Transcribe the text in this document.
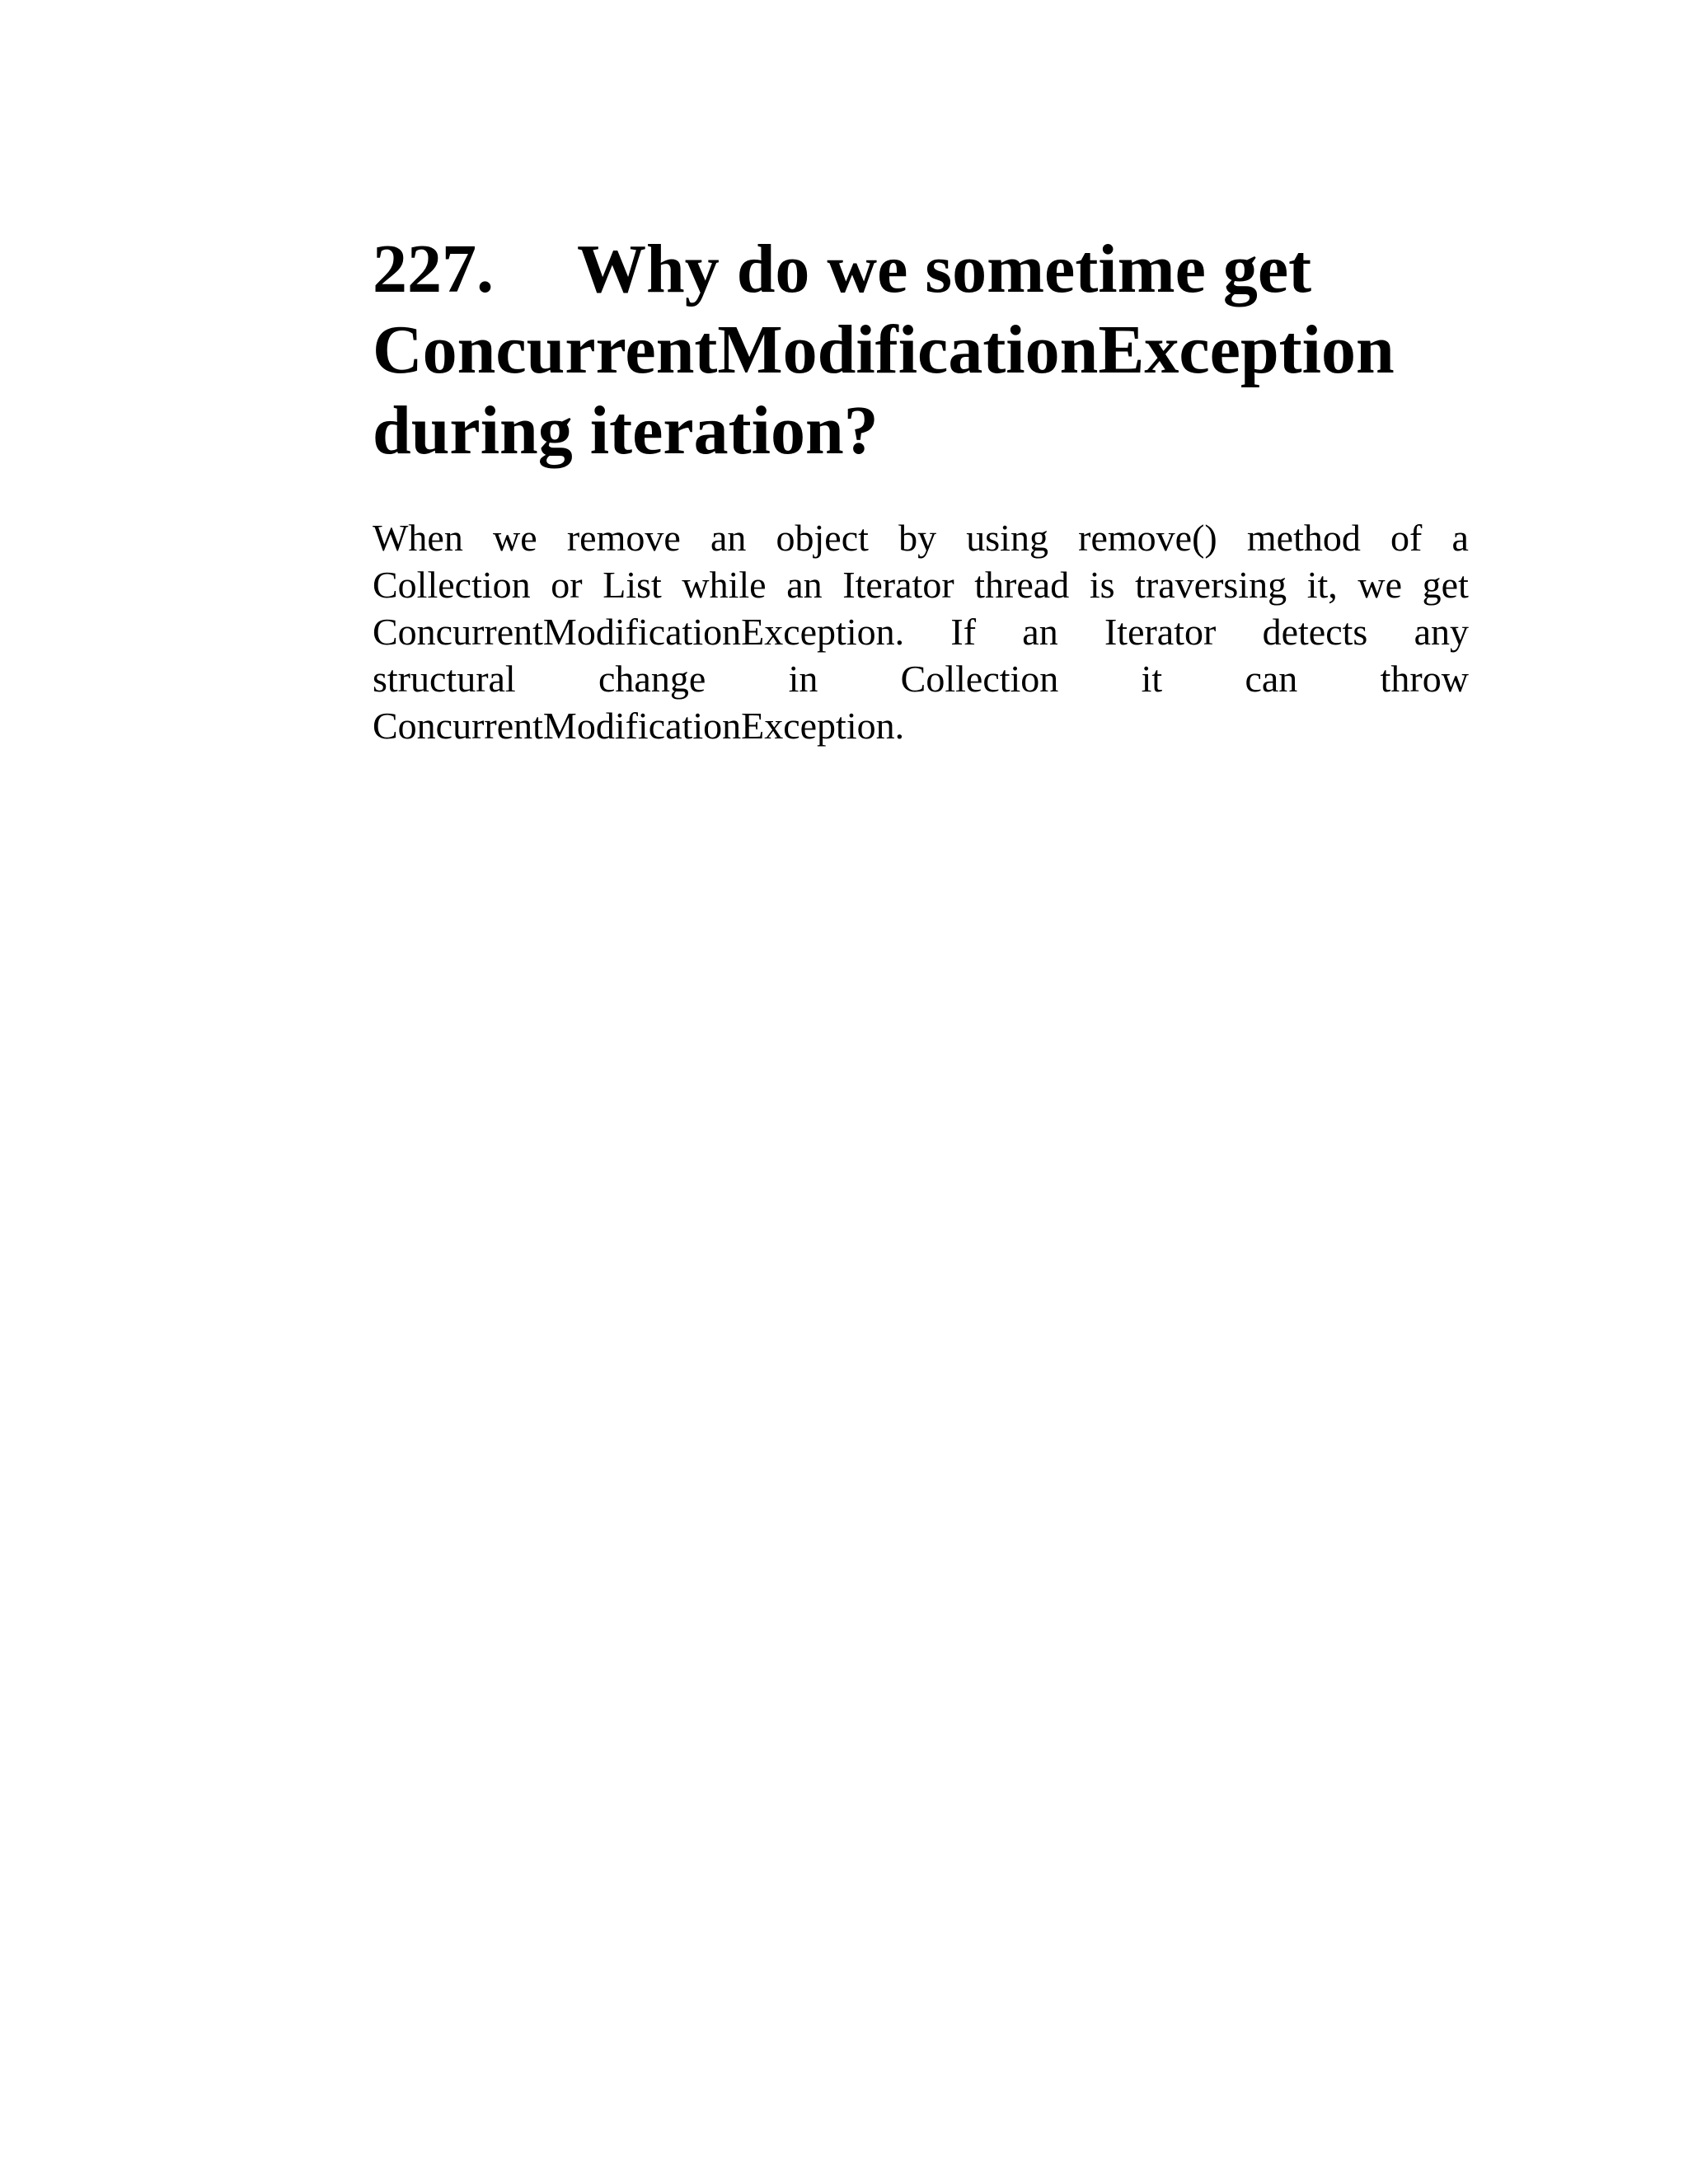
227. Why do we sometime get
ConcurrentModificationException
during iteration?
When we remove an object by using remove() method of a
Collection or List while an Iterator thread is traversing it, we get
ConcurrentModificationException. If an Iterator detects any
structural change in Collection it can throw
ConcurrentModificationException.
